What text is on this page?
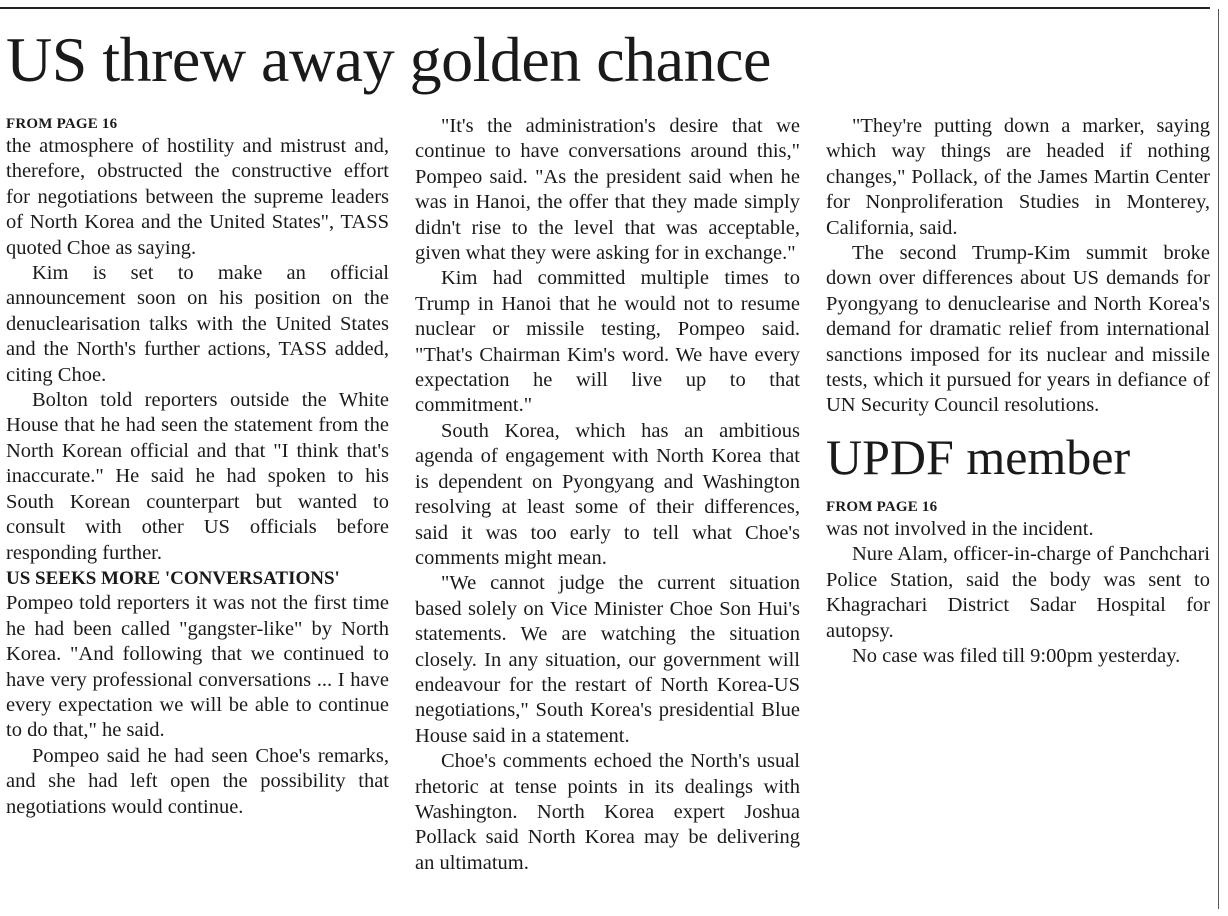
US threw away golden chance
FROM PAGE 16

the atmosphere of hostility and mistrust and, therefore, obstructed the constructive effort for negotiations between the supreme leaders of North Korea and the United States", TASS quoted Choe as saying.

Kim is set to make an official announcement soon on his position on the denuclearisation talks with the United States and the North's further actions, TASS added, citing Choe.

Bolton told reporters outside the White House that he had seen the statement from the North Korean official and that "I think that's inaccurate." He said he had spoken to his South Korean counterpart but wanted to consult with other US officials before responding further.

US SEEKS MORE 'CONVERSATIONS'

Pompeo told reporters it was not the first time he had been called "gangster-like" by North Korea. "And following that we continued to have very professional conversations ... I have every expectation we will be able to continue to do that," he said.

Pompeo said he had seen Choe's remarks, and she had left open the possibility that negotiations would continue.

"It's the administration's desire that we continue to have conversations around this," Pompeo said. "As the president said when he was in Hanoi, the offer that they made simply didn't rise to the level that was acceptable, given what they were asking for in exchange."

Kim had committed multiple times to Trump in Hanoi that he would not to resume nuclear or missile testing, Pompeo said. "That's Chairman Kim's word. We have every expectation he will live up to that commitment."

South Korea, which has an ambitious agenda of engagement with North Korea that is dependent on Pyongyang and Washington resolving at least some of their differences, said it was too early to tell what Choe's comments might mean.

"We cannot judge the current situation based solely on Vice Minister Choe Son Hui's statements. We are watching the situation closely. In any situation, our government will endeavour for the restart of North Korea-US negotiations," South Korea's presidential Blue House said in a statement.

Choe's comments echoed the North's usual rhetoric at tense points in its dealings with Washington. North Korea expert Joshua Pollack said North Korea may be delivering an ultimatum.

"They're putting down a marker, saying which way things are headed if nothing changes," Pollack, of the James Martin Center for Nonproliferation Studies in Monterey, California, said.

The second Trump-Kim summit broke down over differences about US demands for Pyongyang to denuclearise and North Korea's demand for dramatic relief from international sanctions imposed for its nuclear and missile tests, which it pursued for years in defiance of UN Security Council resolutions.

UPDF member
FROM PAGE 16

was not involved in the incident.

Nure Alam, officer-in-charge of Panchchari Police Station, said the body was sent to Khagrachari District Sadar Hospital for autopsy.

No case was filed till 9:00pm yesterday.
